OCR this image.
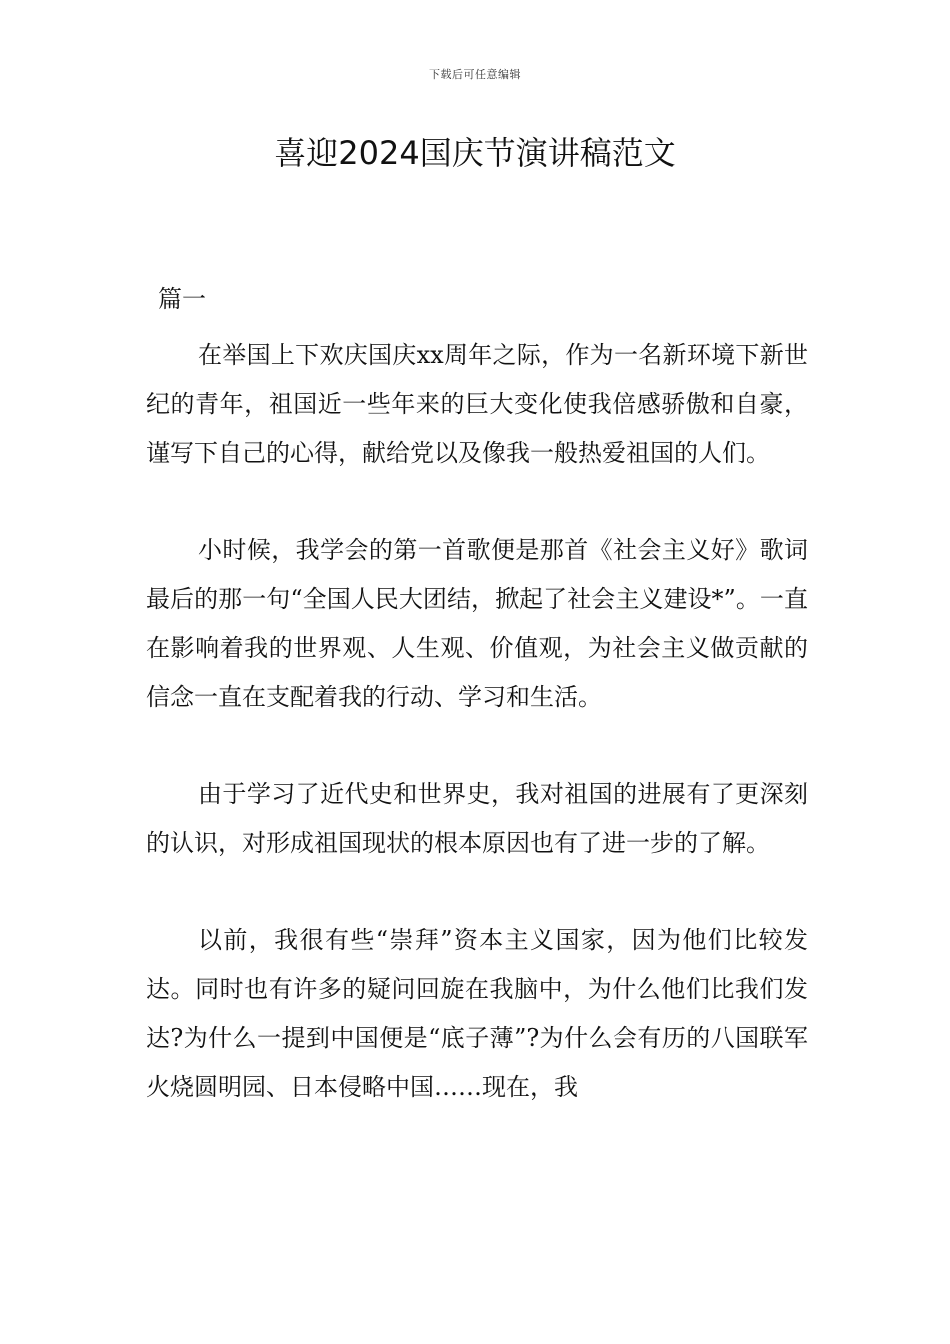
下载后可任意编辑
喜迎2024国庆节演讲稿范文
篇一

在举国上下欢庆国庆xx周年之际，作为一名新环境下新世纪的青年，祖国近一些年来的巨大变化使我倍感骄傲和自豪，谨写下自己的心得，献给党以及像我一般热爱祖国的人们。

小时候，我学会的第一首歌便是那首《社会主义好》歌词最后的那一句“全国人民大团结，掀起了社会主义建设*”。一直在影响着我的世界观、人生观、价值观，为社会主义做贡献的信念一直在支配着我的行动、学习和生活。

由于学习了近代史和世界史，我对祖国的进展有了更深刻的认识，对形成祖国现状的根本原因也有了进一步的了解。

以前，我很有些“崇拜”资本主义国家，因为他们比较发达。同时也有许多的疑问回旋在我脑中，为什么他们比我们发达?为什么一提到中国便是“底子薄”?为什么会有历的八国联军火烧圆明园、日本侵略中国……现在，我
